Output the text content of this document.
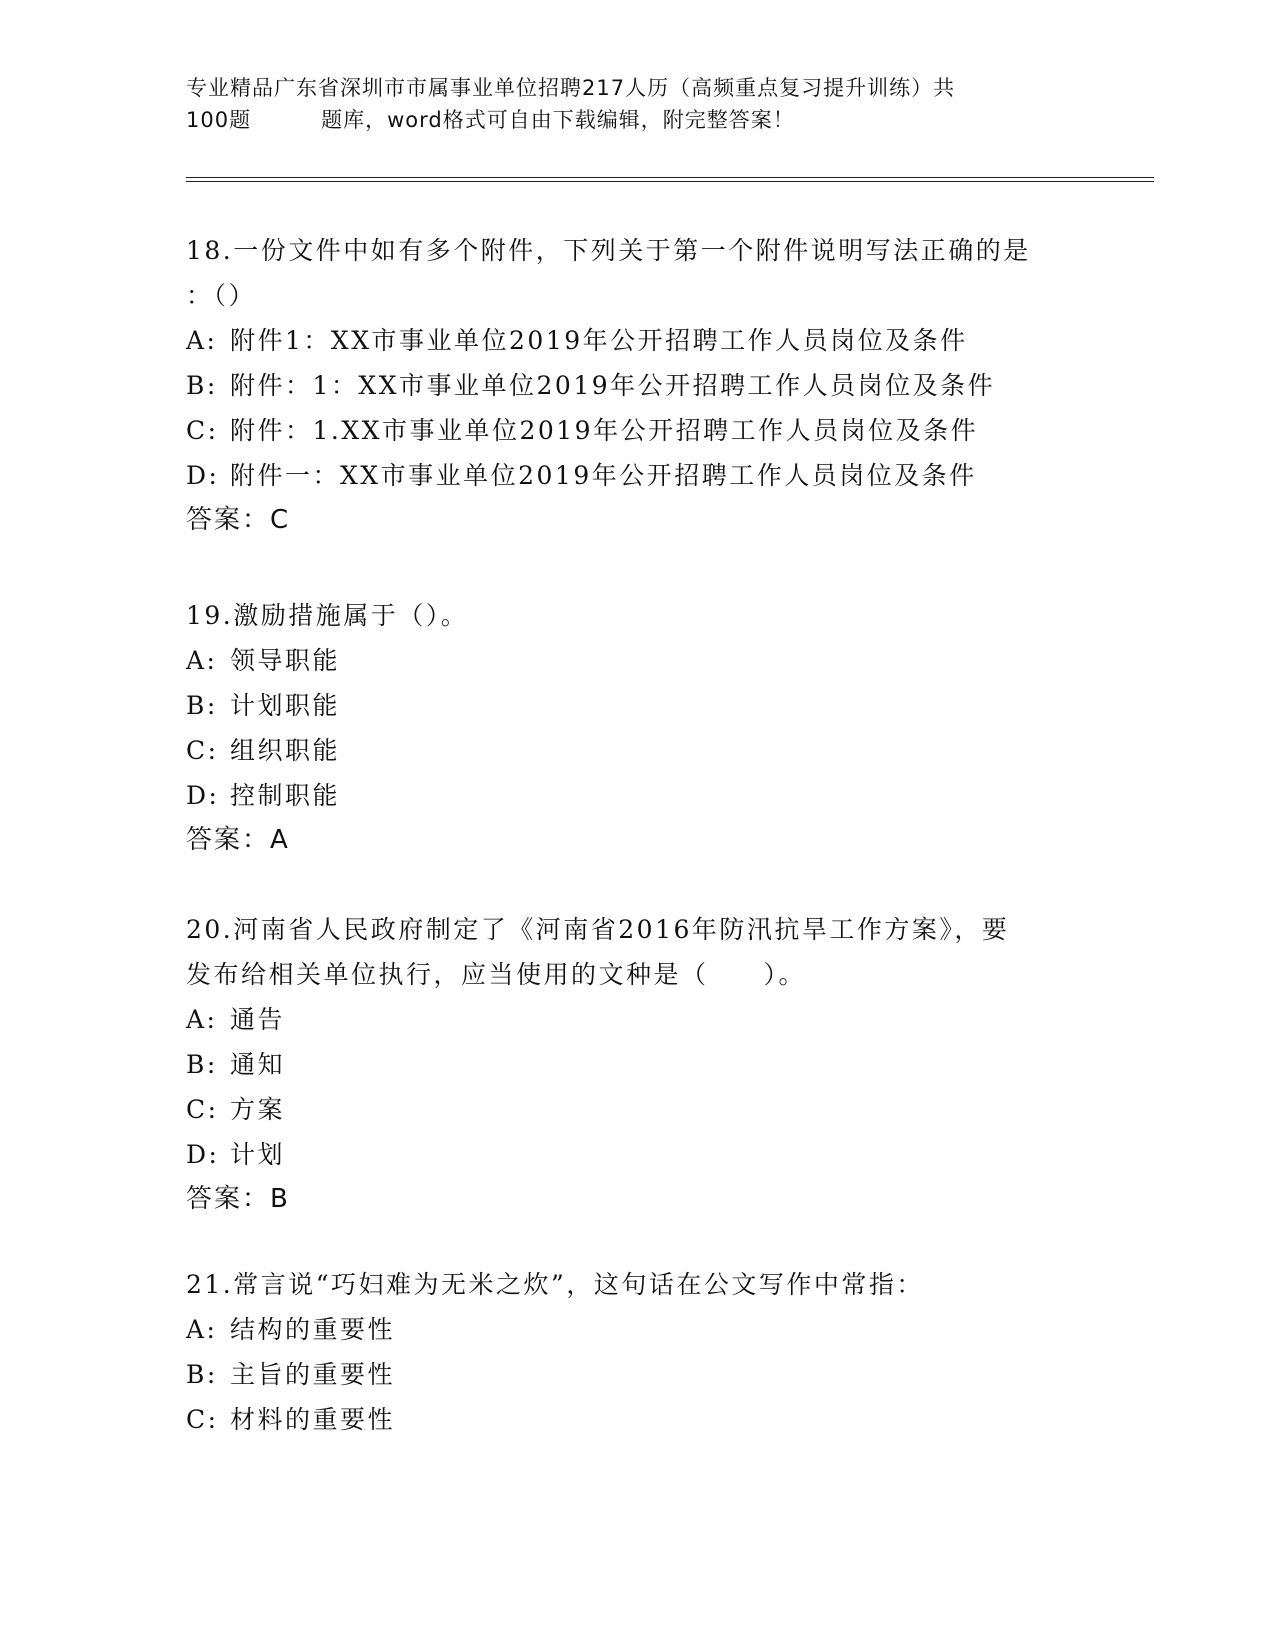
专业精品广东省深圳市市属事业单位招聘217人历（高频重点复习提升训练）共
100题	题库，word格式可自由下载编辑，附完整答案！
18.一份文件中如有多个附件，下列关于第一个附件说明写法正确的是
：（）
A: 附件1：XX市事业单位2019年公开招聘工作人员岗位及条件
B: 附件：1：XX市事业单位2019年公开招聘工作人员岗位及条件
C: 附件：1.XX市事业单位2019年公开招聘工作人员岗位及条件
D: 附件一：XX市事业单位2019年公开招聘工作人员岗位及条件
答案：C
19.激励措施属于（）。
A: 领导职能
B: 计划职能
C: 组织职能
D: 控制职能
答案：A
20.河南省人民政府制定了《河南省2016年防汛抗旱工作方案》，要
发布给相关单位执行，应当使用的文种是（　　）。
A: 通告
B: 通知
C: 方案
D: 计划
答案：B
21.常言说“巧妇难为无米之炊”，这句话在公文写作中常指：
A: 结构的重要性
B: 主旨的重要性
C: 材料的重要性
